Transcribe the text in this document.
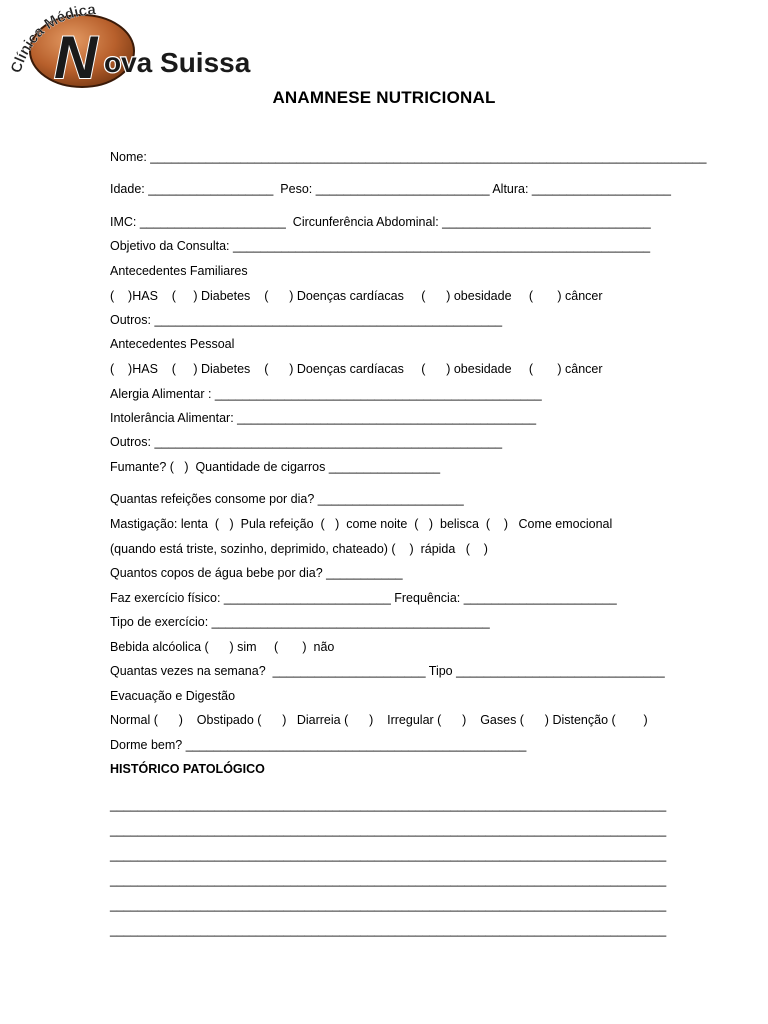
Clínica Médica
N ova Suissa
ANAMNESE NUTRICIONAL
Nome: ________________________________________________________________________________
Idade: __________________  Peso: _________________________ Altura: ____________________
IMC: _____________________  Circunferência Abdominal: ______________________________
Objetivo da Consulta: ____________________________________________________________
Antecedentes Familiares
(    )HAS    (     ) Diabetes    (      ) Doenças cardíacas     (      ) obesidade     (       ) câncer
Outros: __________________________________________________
Antecedentes Pessoal
(    )HAS    (     ) Diabetes    (      ) Doenças cardíacas     (      ) obesidade     (       ) câncer
Alergia Alimentar : _______________________________________________
Intolerância Alimentar: ___________________________________________
Outros: __________________________________________________
Fumante? (   )  Quantidade de cigarros ________________
Quantas refeições consome por dia? _____________________
Mastigação: lenta  (   )  Pula refeição  (   )  come noite  (   )  belisca  (    )   Come emocional
(quando está triste, sozinho, deprimido, chateado) (    )  rápida   (    )
Quantos copos de água bebe por dia? ___________
Faz exercício físico: ________________________ Frequência: ______________________
Tipo de exercício: ________________________________________
Bebida alcóolica (      ) sim     (       )  não
Quantas vezes na semana?  ______________________ Tipo ______________________________
Evacuação e Digestão
Normal (      )    Obstipado (      )   Diarreia (      )    Irregular (      )    Gases (      ) Distenção (        )
Dorme bem? _________________________________________________
HISTÓRICO PATOLÓGICO
________________________________________________________________________________
________________________________________________________________________________
________________________________________________________________________________
________________________________________________________________________________
________________________________________________________________________________
________________________________________________________________________________
